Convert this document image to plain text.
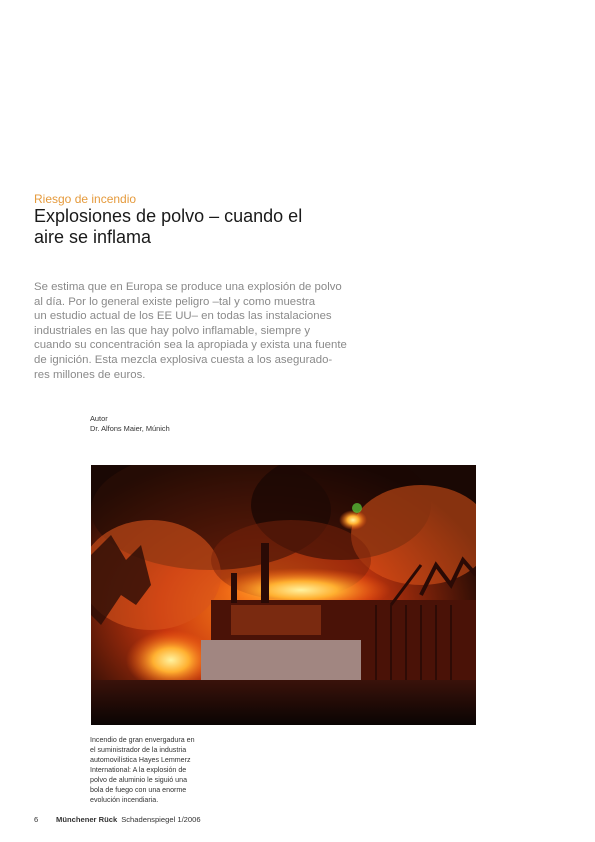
Riesgo de incendio
Explosiones de polvo – cuando el
aire se inflama

Se estima que en Europa se produce una explosión de polvo
al día. Por lo general existe peligro –tal y como muestra
un estudio actual de los EE UU– en todas las instalaciones
industriales en las que hay polvo inflamable, siempre y
cuando su concentración sea la apropiada y exista una fuente
de ignición. Esta mezcla explosiva cuesta a los asegurado-
res millones de euros.

Autor
Dr. Alfons Maier, Múnich

Incendio de gran envergadura en
el suministrador de la industria
automovilística Hayes Lemmerz
International: A la explosión de
polvo de aluminio le siguió una
bola de fuego con una enorme
evolución incendiaria.

6 Münchener Rück Schadenspiegel 1/2006
